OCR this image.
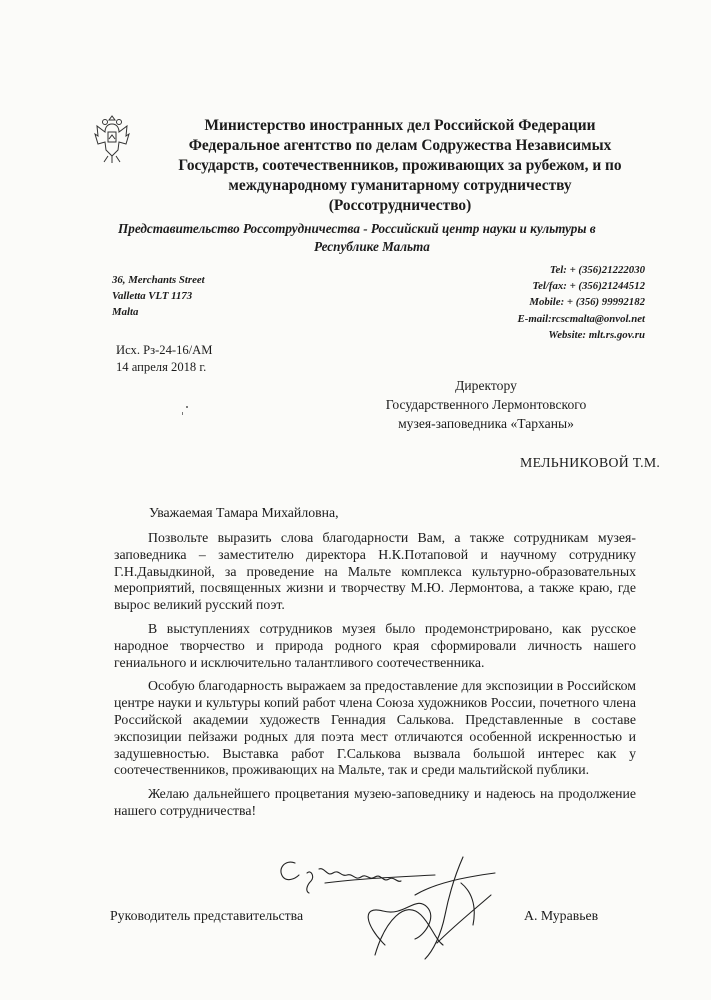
Министерство иностранных дел Российской Федерации
Федеральное агентство по делам Содружества Независимых
Государств, соотечественников, проживающих за рубежом, и по
международному гуманитарному сотрудничеству
(Россотрудничество)
Представительство Россотрудничества - Российский центр науки и культуры в
Республике Мальта
36, Merchants Street
Valletta VLT 1173
Malta
Tel: + (356)21222030
Tel/fax: + (356)21244512
Mobile: + (356) 99992182
E-mail:rcscmalta@onvol.net
Website: mlt.rs.gov.ru
Исх. Рз-24-16/АМ
14 апреля 2018 г.
Директору
Государственного Лермонтовского
музея-заповедника «Тарханы»
МЕЛЬНИКОВОЙ Т.М.
Уважаемая Тамара Михайловна,

Позвольте выразить слова благодарности Вам, а также сотрудникам музея-заповедника – заместителю директора Н.К.Потаповой и научному сотруднику Г.Н.Давыдкиной, за проведение на Мальте комплекса культурно-образовательных мероприятий, посвященных жизни и творчеству М.Ю. Лермонтова, а также краю, где вырос великий русский поэт.

В выступлениях сотрудников музея было продемонстрировано, как русское народное творчество и природа родного края сформировали личность нашего гениального и исключительно талантливого соотечественника.

Особую благодарность выражаем за предоставление для экспозиции в Российском центре науки и культуры копий работ члена Союза художников России, почетного члена Российской академии художеств Геннадия Салькова. Представленные в составе экспозиции пейзажи родных для поэта мест отличаются особенной искренностью и задушевностью. Выставка работ Г.Салькова вызвала большой интерес как у соотечественников, проживающих на Мальте, так и среди мальтийской публики.

Желаю дальнейшего процветания музею-заповеднику и надеюсь на продолжение нашего сотрудничества!

Руководитель представительства	А. Муравьев
